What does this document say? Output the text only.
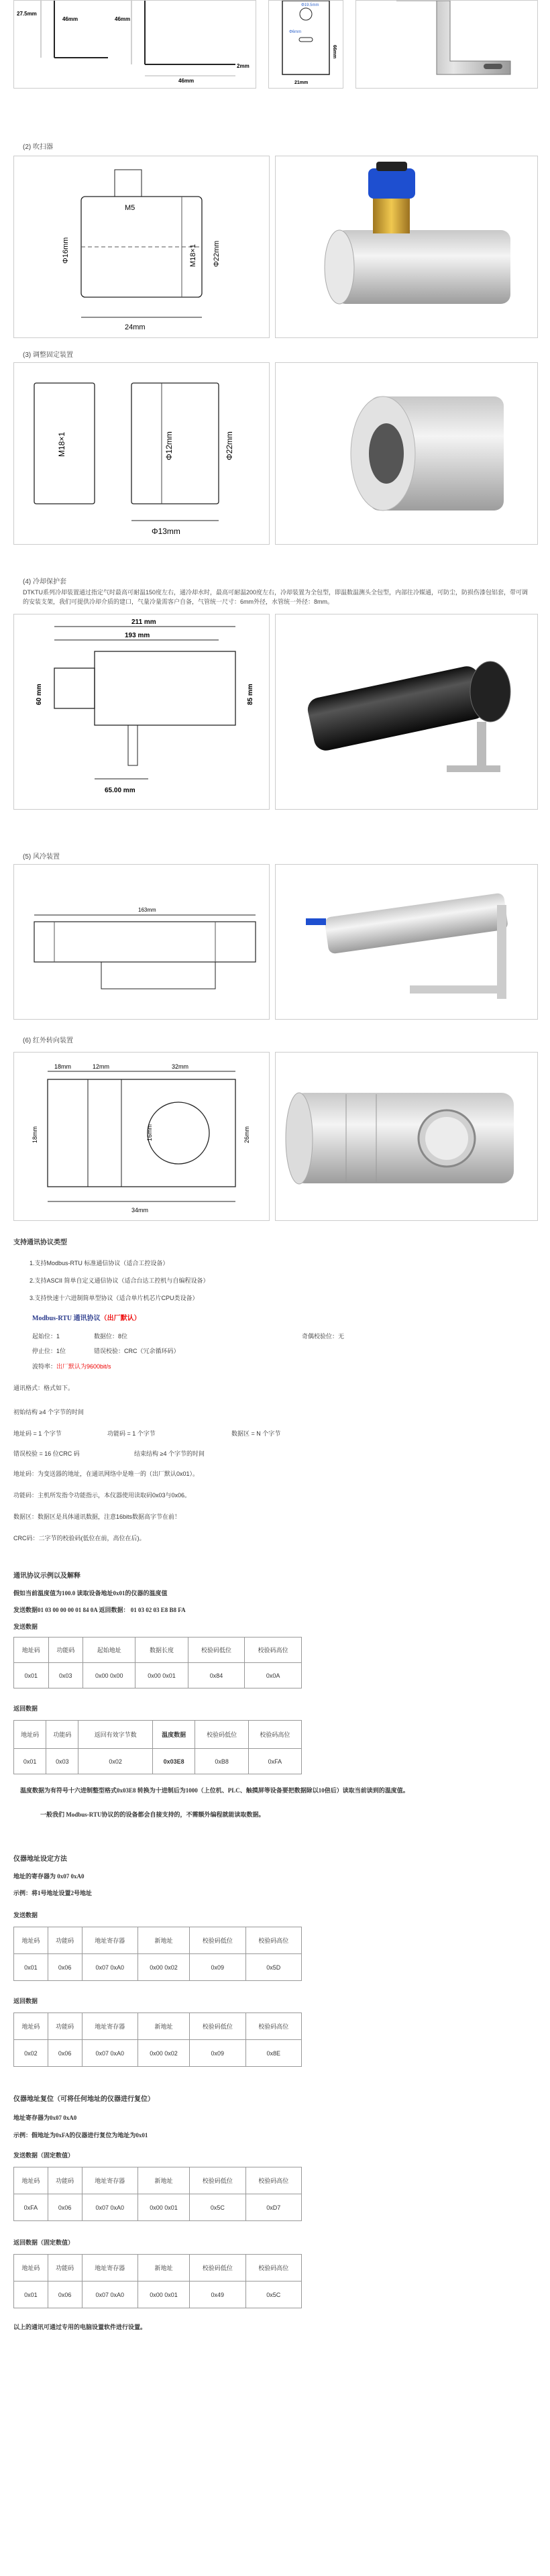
27.5mm
46mm	46mm
46mm
2mm
Φ19.5mm
Φ6mm
21mm
66mm
(2) 吹扫器
M5
Φ16mm	M18×1 Φ22mm
24mm
(3) 调整固定装置
M18×1	Φ12mm	Φ22mm
Φ13mm
(4) 冷却保护套
DTKTU系列冷却装置通过指定气时最高可耐温150度左右，通冷却水时，最高可耐温200度左右，冷却装置为全包型，即温数温测头全包型，内部往冷媒通，可防尘，防损伤漆包铝套，带可调的安装支架，我们可提供冷却介质的建口，气量冷量需客户自备，气管统一尺寸：6mm外径，水管统一外径：8mm。
211 mm
193 mm
60 mm	85 mm
65.00 mm
(5) 风冷装置
163mm
(6) 红外转向装置
18mm	12mm	32mm
18mm	16mm	26mm
34mm
支持通讯协议类型
1.支持Modbus-RTU 标准通信协议（适合工控设备）
2.支持ASCII 简单自定义通信协议（适合台达工控机与自编程设备）
3.支持快速十六进制简单型协议（适合单片机芯片CPU类设备）
Modbus-RTU 通讯协议（出厂默认）
起始位：1	数据位：8位	奇偶校验位：无
停止位：1位	错误校验：CRC（冗余循环码）
波特率：出厂默认为9600bit/s
通讯格式：格式如下。
初始结构 ≥4 个字节的时间
地址码 = 1 个字节	功能码 = 1 个字节	数据区 = N 个字节
错误校验 = 16 位CRC 码	结束结构 ≥4 个字节的时间
地址码：为变送器的地址，在通讯网络中是唯一的（出厂默认0x01）。
功能码：主机所发指令功能指示，本仪器使用读取码0x03与0x06。
数据区：数据区是具体通讯数据，注意16bits数据高字节在前！
CRC码：二字节的校验码(低位在前，高位在后)。
通讯协议示例以及解释
假如当前温度值为100.0 读取设备地址0x01的仪器的温度值
发送数据01 03 00 00 00 01 84 0A 返回数据： 01 03 02 03 E8 B8 FA
发送数据
地址码	功能码	起始地址	数据长度	校验码低位	校验码高位
0x01	0x03	0x00 0x00	0x00 0x01	0x84	0x0A
返回数据
地址码	功能码	返回有效字节数	温度数据	校验码低位	校验码高位
0x01	0x03	0x02	0x03E8	0xB8	0xFA
温度数据为有符号十六进制整型格式0x03E8 转换为十进制后为1000（上位机、PLC、触摸屏等设备要把数据除以10倍后）读取当前读到的温度值。
一般我们 Modbus-RTU协议的的设备都会自接支持的，不需额外编程就能读取数据。
仪器地址设定方法
地址的寄存器为 0x07 0xA0
示例：将1号地址设置2号地址
发送数据
地址码	功能码	地址寄存器	新地址	校验码低位	校验码高位
0x01	0x06	0x07 0xA0	0x00 0x02	0x09	0x5D
返回数据
地址码	功能码	地址寄存器	新地址	校验码低位	校验码高位
0x02	0x06	0x07 0xA0	0x00 0x02	0x09	0x8E
仪器地址复位（可将任何地址的仪器进行复位）
地址寄存器为0x07 0xA0
示例：假地址为0xFA的仪器进行复位为地址为0x01
发送数据（固定数值）
地址码	功能码	地址寄存器	新地址	校验码低位	校验码高位
0xFA	0x06	0x07 0xA0	0x00 0x01	0x5C	0xD7
返回数据（固定数值）
地址码	功能码	地址寄存器	新地址	校验码低位	校验码高位
0x01	0x06	0x07 0xA0	0x00 0x01	0x49	0x5C
以上的通讯可通过专用的电脑设置软件进行设置。
